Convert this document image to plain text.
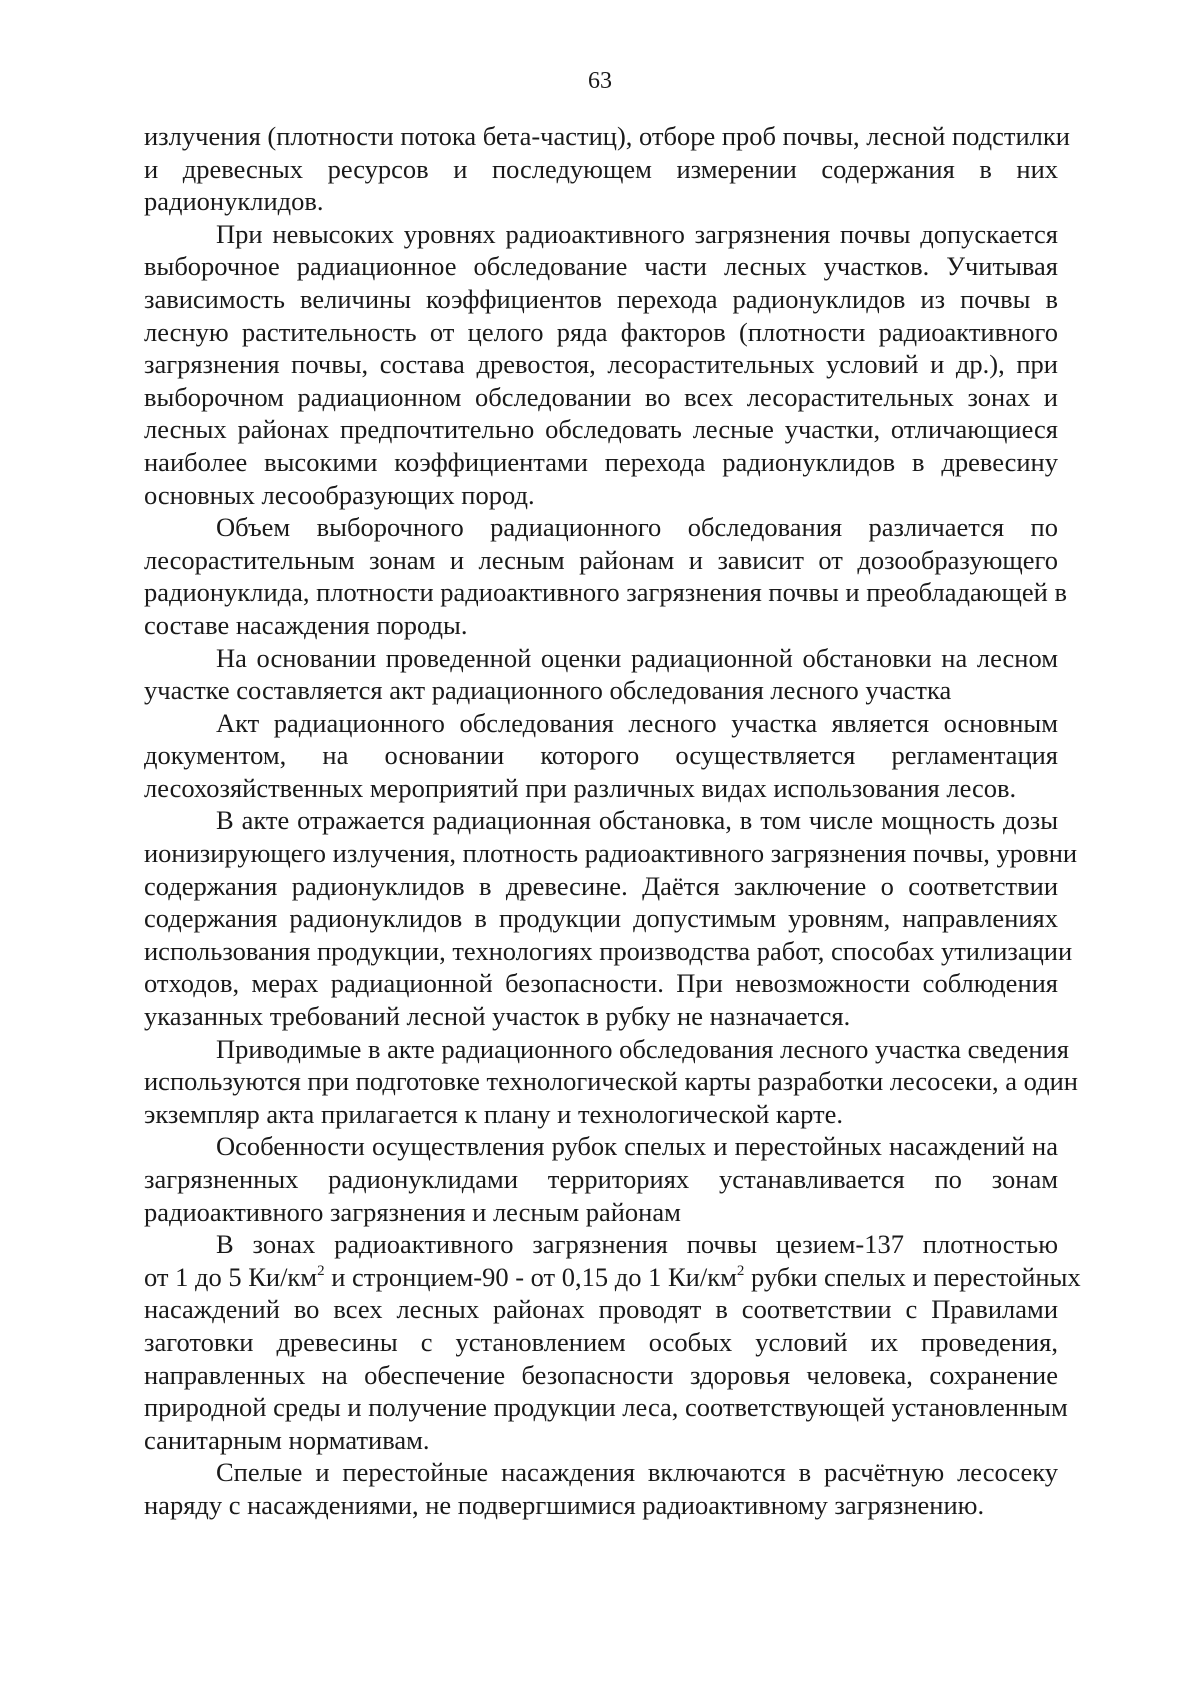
63

излучения (плотности потока бета-частиц), отборе проб почвы, лесной подстилки
и древесных ресурсов и последующем измерении содержания в них
радионуклидов.

При невысоких уровнях радиоактивного загрязнения почвы допускается
выборочное радиационное обследование части лесных участков. Учитывая
зависимость величины коэффициентов перехода радионуклидов из почвы в
лесную растительность от целого ряда факторов (плотности радиоактивного
загрязнения почвы, состава древостоя, лесорастительных условий и др.), при
выборочном радиационном обследовании во всех лесорастительных зонах и
лесных районах предпочтительно обследовать лесные участки, отличающиеся
наиболее высокими коэффициентами перехода радионуклидов в древесину
основных лесообразующих пород.

Объем выборочного радиационного обследования различается по
лесорастительным зонам и лесным районам и зависит от дозообразующего
радионуклида, плотности радиоактивного загрязнения почвы и преобладающей в
составе насаждения породы.

На основании проведенной оценки радиационной обстановки на лесном
участке составляется акт радиационного обследования лесного участка

Акт радиационного обследования лесного участка является основным
документом, на основании которого осуществляется регламентация
лесохозяйственных мероприятий при различных видах использования лесов.

В акте отражается радиационная обстановка, в том числе мощность дозы
ионизирующего излучения, плотность радиоактивного загрязнения почвы, уровни
содержания радионуклидов в древесине. Даётся заключение о соответствии
содержания радионуклидов в продукции допустимым уровням, направлениях
использования продукции, технологиях производства работ, способах утилизации
отходов, мерах радиационной безопасности. При невозможности соблюдения
указанных требований лесной участок в рубку не назначается.

Приводимые в акте радиационного обследования лесного участка сведения
используются при подготовке технологической карты разработки лесосеки, а один
экземпляр акта прилагается к плану и технологической карте.

Особенности осуществления рубок спелых и перестойных насаждений на
загрязненных радионуклидами территориях устанавливается по зонам
радиоактивного загрязнения и лесным районам

В зонах радиоактивного загрязнения почвы цезием-137 плотностью
от 1 до 5 $Ки/км^2$ и стронцием-90 - от 0,15 до 1 $Ки/км^2$ рубки спелых и перестойных
насаждений во всех лесных районах проводят в соответствии с Правилами
заготовки древесины с установлением особых условий их проведения,
направленных на обеспечение безопасности здоровья человека, сохранение
природной среды и получение продукции леса, соответствующей установленным
санитарным нормативам.

Спелые и перестойные насаждения включаются в расчётную лесосеку
наряду с насаждениями, не подвергшимися радиоактивному загрязнению.
